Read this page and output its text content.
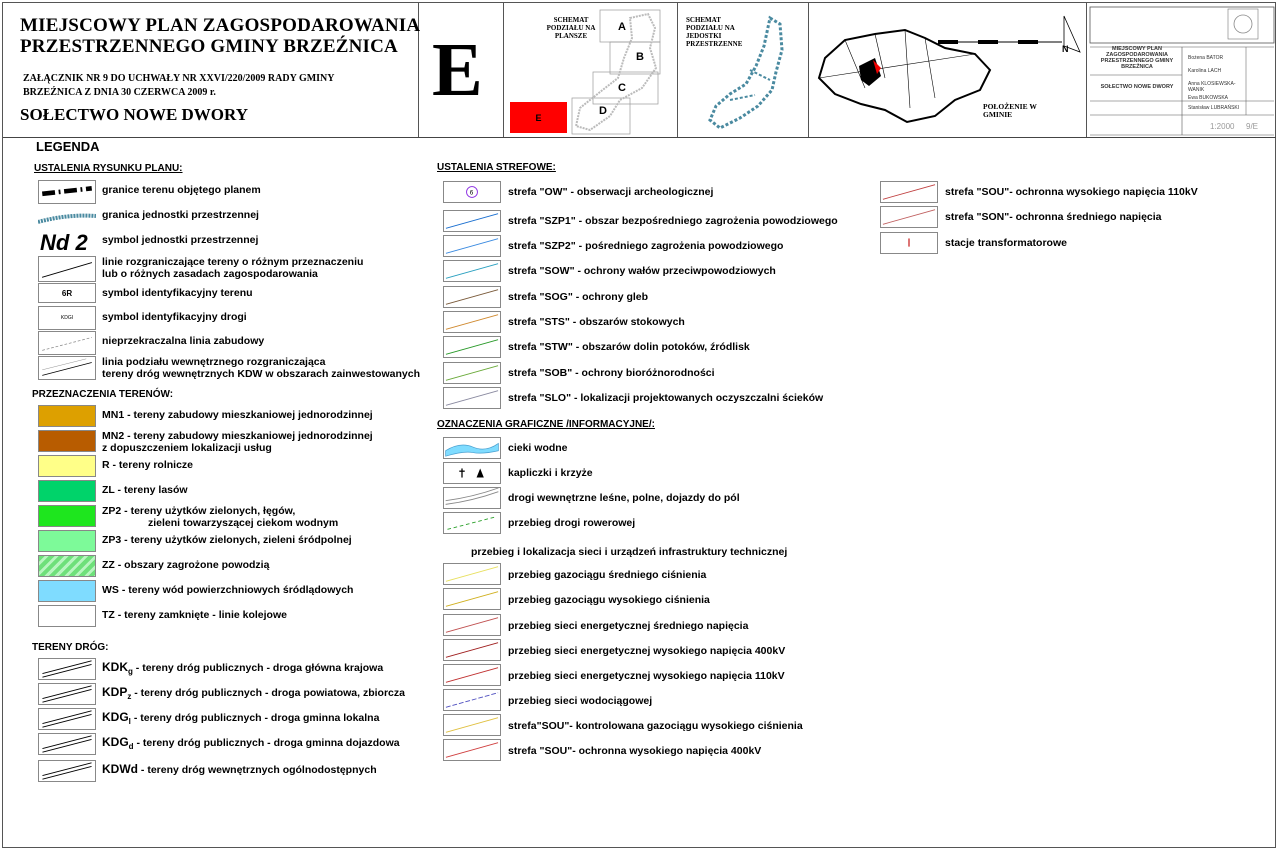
MIEJSCOWY PLAN ZAGOSPODAROWANIA
PRZESTRZENNEGO GMINY BRZEŹNICA
ZAŁĄCZNIK NR 9 DO UCHWAŁY NR XXVI/220/2009 RADY GMINY
BRZEŹNICA Z DNIA 30 CZERWCA 2009 r.
SOŁECTWO NOWE DWORY
E
SCHEMAT PODZIAŁU NA PLANSZE
A
B
C
D
E
SCHEMAT PODZIAŁU NA JEDOSTKI PRZESTRZENNE
POŁOŻENIE W GMINIE
N	MIEJSCOWY PLAN ZAGOSPODAROWANIA PRZESTRZENNEGO GMINY BRZEŹNICA
SOŁECTWO NOWE DWORY
Bożena BATOR
Karolina LACH
Anna KLOSIEWSKA-WANIK
Ewa BUKOWSKA
Stanisław LUBRAŃSKI
1:2000 9/E
LEGENDA
USTALENIA RYSUNKU PLANU:
granice terenu objętego planem
granica jednostki przestrzennej
Nd 2 symbol jednostki przestrzennej
linie rozgraniczające tereny o różnym przeznaczeniu
lub o różnych zasadach zagospodarowania
6R	symbol identyfikacyjny terenu
KDGI	symbol identyfikacyjny drogi
nieprzekraczalna linia zabudowy
linia podziału wewnętrznego rozgraniczająca
tereny dróg wewnętrznych KDW w obszarach zainwestowanych
PRZEZNACZENIA TERENÓW:
MN1 - tereny zabudowy mieszkaniowej jednorodzinnej
MN2 - tereny zabudowy mieszkaniowej jednorodzinnej
z dopuszczeniem lokalizacji usług
R - tereny rolnicze
ZL - tereny lasów
ZP2 - tereny użytków zielonych, łęgów,
zieleni towarzyszącej ciekom wodnym
ZP3 - tereny użytków zielonych, zieleni śródpolnej
ZZ - obszary zagrożone powodzią
WS - tereny wód powierzchniowych śródlądowych
TZ - tereny zamknięte - linie kolejowe
TERENY DRÓG:
$KDK_g$ - tereny dróg publicznych - droga główna krajowa
$KDP_z$ - tereny dróg publicznych - droga powiatowa, zbiorcza
$KDG_l$ - tereny dróg publicznych - droga gminna lokalna
$KDG_d$ - tereny dróg publicznych - droga gminna dojazdowa
KDWd - tereny dróg wewnętrznych ogólnodostępnych
USTALENIA STREFOWE:
6	strefa "OW" - obserwacji archeologicznej
strefa "SZP1" - obszar bezpośredniego zagrożenia powodziowego
strefa "SZP2" - pośredniego zagrożenia powodziowego
strefa "SOW" - ochrony wałów przeciwpowodziowych
strefa "SOG" - ochrony gleb
strefa "STS" - obszarów stokowych
strefa "STW" - obszarów dolin potoków, źródlisk
strefa "SOB" - ochrony bioróżnorodności
strefa "SLO" - lokalizacji projektowanych oczyszczalni ścieków
OZNACZENIA GRAFICZNE /INFORMACYJNE/:
cieki wodne
kapliczki i krzyże
drogi wewnętrzne leśne, polne, dojazdy do pól
przebieg drogi rowerowej
przebieg i lokalizacja sieci i urządzeń infrastruktury technicznej
przebieg gazociągu średniego ciśnienia
przebieg gazociągu wysokiego ciśnienia
przebieg sieci energetycznej średniego napięcia
przebieg sieci energetycznej wysokiego napięcia 400kV
przebieg sieci energetycznej wysokiego napięcia 110kV
przebieg sieci wodociągowej
strefa"SOU"- kontrolowana gazociągu wysokiego ciśnienia
strefa "SOU"- ochronna wysokiego napięcia 400kV
strefa "SOU"- ochronna wysokiego napięcia 110kV
strefa "SON"- ochronna średniego napięcia
stacje transformatorowe
